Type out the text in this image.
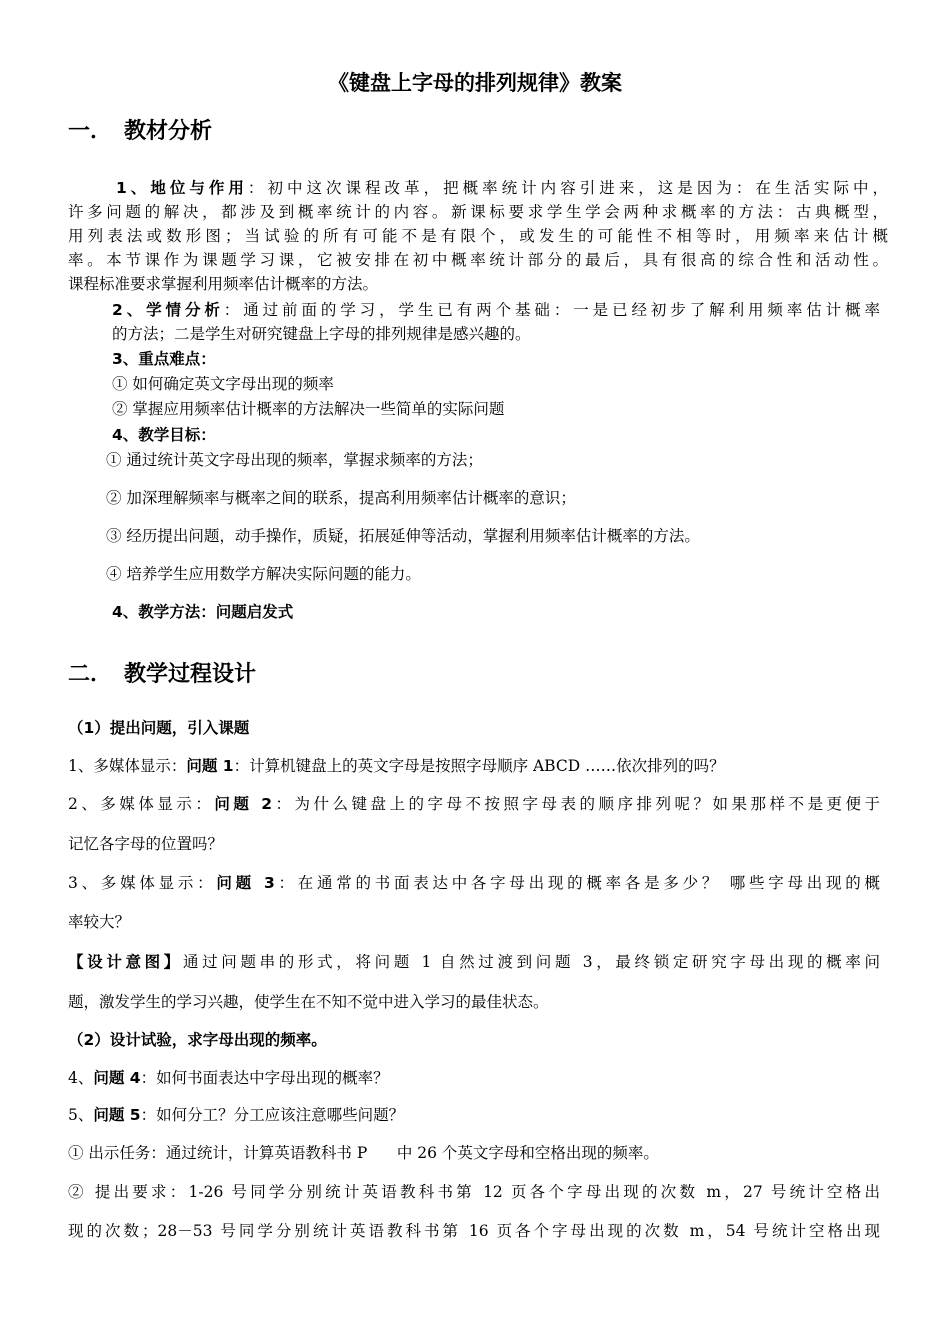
《键盘上字母的排列规律》教案
一． 教材分析
1、地位与作用：初中这次课程改革，把概率统计内容引进来，这是因为：在生活实际中，
许多问题的解决，都涉及到概率统计的内容。新课标要求学生学会两种求概率的方法：古典概型，
用列表法或数形图；当试验的所有可能不是有限个，或发生的可能性不相等时，用频率来估计概
率。本节课作为课题学习课，它被安排在初中概率统计部分的最后，具有很高的综合性和活动性。
课程标准要求掌握利用频率估计概率的方法。
2、学情分析：通过前面的学习，学生已有两个基础：一是已经初步了解利用频率估计概率
的方法；二是学生对研究键盘上字母的排列规律是感兴趣的。
3、重点难点：
① 如何确定英文字母出现的频率
② 掌握应用频率估计概率的方法解决一些简单的实际问题
4、教学目标：
① 通过统计英文字母出现的频率，掌握求频率的方法；
② 加深理解频率与概率之间的联系，提高利用频率估计概率的意识；
③ 经历提出问题，动手操作，质疑，拓展延伸等活动，掌握利用频率估计概率的方法。
④ 培养学生应用数学方解决实际问题的能力。
4、教学方法：问题启发式
二． 教学过程设计
（1）提出问题，引入课题
1、多媒体显示：问题 1：计算机键盘上的英文字母是按照字母顺序 ABCD ……依次排列的吗？
2、多媒体显示：问题 2：为什么键盘上的字母不按照字母表的顺序排列呢？如果那样不是更便于
记忆各字母的位置吗？
3、多媒体显示：问题 3：在通常的书面表达中各字母出现的概率各是多少？ 哪些字母出现的概
率较大？
【设计意图】通过问题串的形式，将问题 1 自然过渡到问题 3，最终锁定研究字母出现的概率问
题，激发学生的学习兴趣，使学生在不知不觉中进入学习的最佳状态。
（2）设计试验，求字母出现的频率。
4、问题 4：如何书面表达中字母出现的概率？
5、问题 5：如何分工？分工应该注意哪些问题？
① 出示任务：通过统计，计算英语教科书 P      中 26 个英文字母和空格出现的频率。
② 提出要求：1-26 号同学分别统计英语教科书第 12 页各个字母出现的次数 m，27 号统计空格出
现的次数；28－53 号同学分别统计英语教科书第 16 页各个字母出现的次数 m，54 号统计空格出现
